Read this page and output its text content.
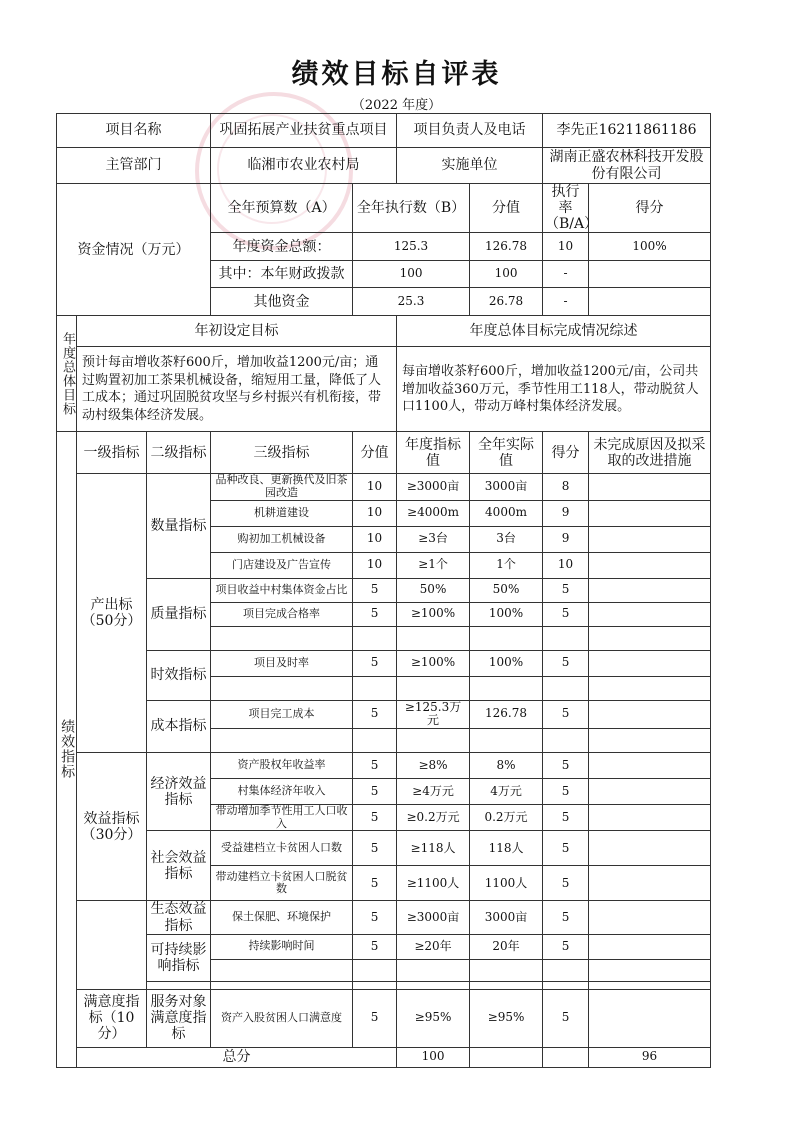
绩效目标自评表
（2022 年度）
项目名称			巩固拓展产业扶贫重点项目		项目负责人及电话		李先正16211861186		
主管部门			临湘市农业农村局		实施单位		湖南正盛农林科技开发股份有限公司		
资金情况（万元）			全年预算数（A）	全年执行数（B）		分值	执行率（B/A）	得分	
			年度资金总额：	125.3		126.78	10	100%	
			其中：本年财政拨款	100		100	-		
			其他资金	25.3		26.78	-		

年度总体目标	年初设定目标				年度总体目标完成情况综述				
	预计每亩增收茶籽600斤，增加收益1200元/亩；通过购置初加工茶果机械设备，缩短用工量，降低了人工成本；通过巩固脱贫攻坚与乡村振兴有机衔接，带动村级集体经济发展。				每亩增收茶籽600斤，增加收益1200元/亩，公司共增加收益360万元，季节性用工118人，带动脱贫人口1100人，带动万峰村集体经济发展。				

绩效指标	一级指标	二级指标	三级指标	分值	年度指标值	全年实际值	得分	未完成原因及拟采取的改进措施	
	产出标（50分）	数量指标	品种改良、更新换代及旧茶园改造	10	≥3000亩	3000亩	8		
			机耕道建设	10	≥4000m	4000m	9		
			购初加工机械设备	10	≥3台	3台	9		
			门店建设及广告宣传	10	≥1个	1个	10		
		质量指标	项目收益中村集体资金占比	5	50%	50%	5		
			项目完成合格率	5	≥100%	100%	5		

		时效指标	项目及时率	5	≥100%	100%	5		

		成本指标	项目完工成本	5	≥125.3万元	126.78	5		

	效益指标（30分）	经济效益指标	资产股权年收益率	5	≥8%	8%	5		
			村集体经济年收入	5	≥4万元	4万元	5		
			带动增加季节性用工人口收入	5	≥0.2万元	0.2万元	5		
		社会效益指标	受益建档立卡贫困人口数	5	≥118人	118人	5		
			带动建档立卡贫困人口脱贫数	5	≥1100人	1100人	5		
		生态效益指标	保土保肥、环境保护	5	≥3000亩	3000亩	5		
		可持续影响指标	持续影响时间	5	≥20年	20年	5		

	满意度指标（10分）	服务对象满意度指标	资产入股贫困人口满意度	5	≥95%	≥95%	5		
	总分				100			96	
